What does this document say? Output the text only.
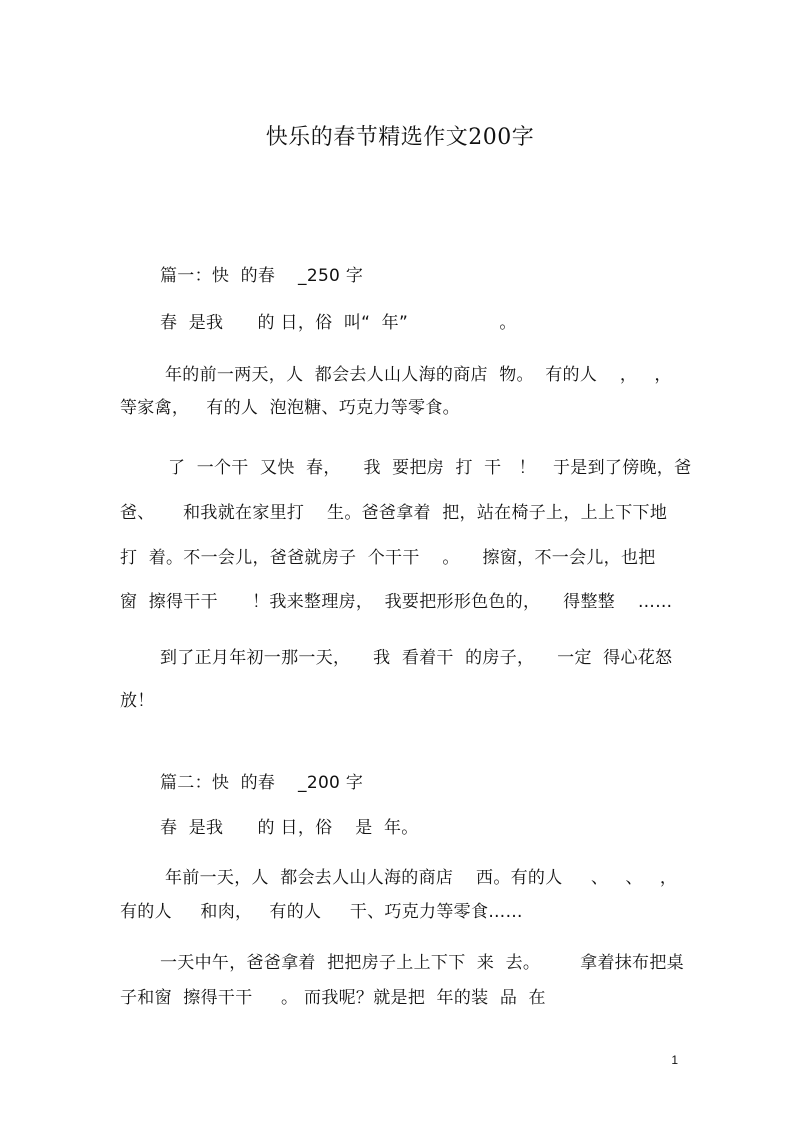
快乐的春节精选作文200字
篇一：快  的春    _250 字
春  是我      的 日，俗  叫“  年”                。
年的前一两天，人  都会去人山人海的商店  物。  有的人    ，   ，
等家禽，   有的人  泡泡糖、巧克力等零食。
了  一个干  又快  春，    我  要把房  打  干   ！   于是到了傍晚，爸
爸、     和我就在家里打    生。爸爸拿着  把，站在椅子上，上上下下地
打  着。不一会儿，爸爸就房子  个干干    。    擦窗，不一会儿，也把
窗  擦得干干      ！我来整理房，  我要把形形色色的，    得整整    ……
到了正月年初一那一天，    我  看着干  的房子，    一定  得心花怒
放！
篇二：快  的春    _200 字
春  是我      的 日，俗    是  年。
年前一天，人  都会去人山人海的商店    西。有的人     、   、   ，
有的人     和肉，   有的人     干、巧克力等零食……
一天中午，爸爸拿着  把把房子上上下下  来  去。       拿着抹布把桌
子和窗  擦得干干     。 而我呢？就是把  年的装  品  在
1
